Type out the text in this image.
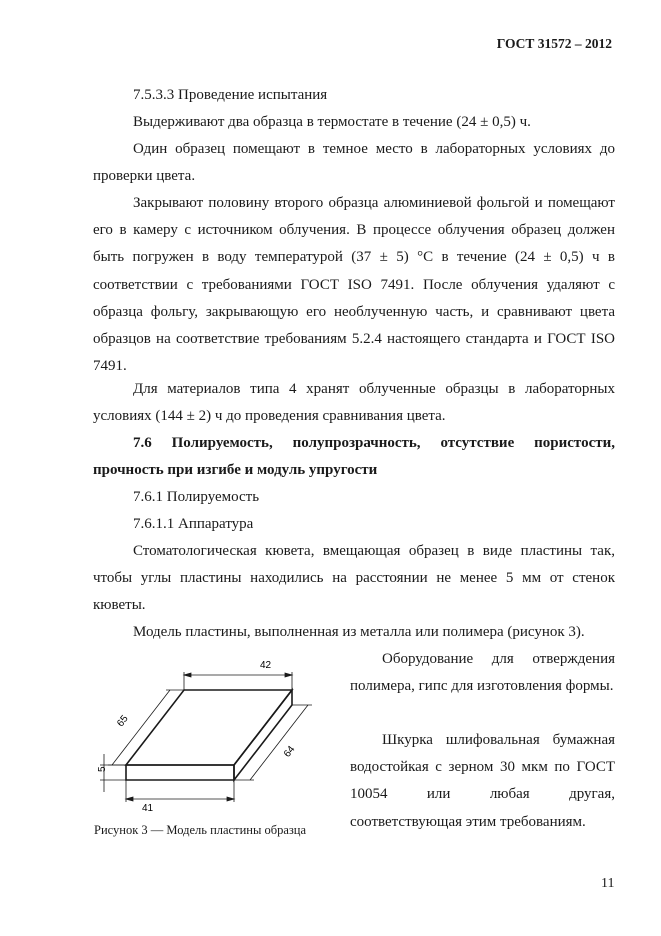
ГОСТ 31572 – 2012

7.5.3.3 Проведение испытания

Выдерживают два образца в термостате в течение (24 ± 0,5) ч.

Один образец помещают в темное место в лабораторных условиях до проверки цвета.

Закрывают половину второго образца алюминиевой фольгой и помещают его в камеру с источником облучения. В процессе облучения образец должен быть погружен в воду температурой (37 ± 5) °С в течение (24 ± 0,5) ч в соответствии с требованиями ГОСТ ISO 7491. После облучения удаляют с образца фольгу, закрывающую его необлученную часть, и сравнивают цвета образцов на соответствие требованиям 5.2.4 настоящего стандарта и ГОСТ ISO 7491.

Для материалов типа 4 хранят облученные образцы в лабораторных условиях (144 ± 2) ч до проведения сравнивания цвета.

7.6 Полируемость, полупрозрачность, отсутствие пористости, прочность при изгибе и модуль упругости

7.6.1 Полируемость

7.6.1.1 Аппаратура

Стоматологическая кювета, вмещающая образец в виде пластины так, чтобы углы пластины находились на расстоянии не менее 5 мм от стенок кюветы.

Модель пластины, выполненная из металла или полимера (рисунок 3).

42
65
64
41
5
Рисунок 3 — Модель пластины образца

Оборудование для отверждения полимера, гипс для изготовления формы.

Шкурка шлифовальная бумажная водостойкая с зерном 30 мкм по ГОСТ 10054 или любая другая, соответствующая этим требованиям.

11
